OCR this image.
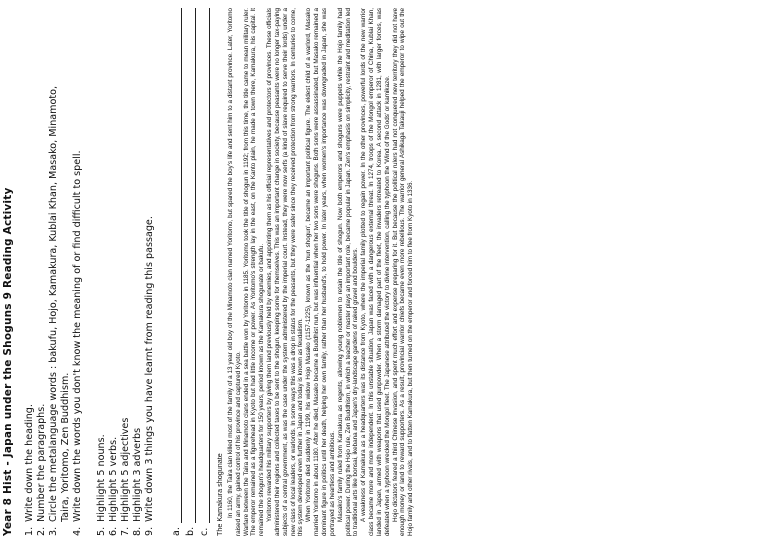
Year 8 Hist - Japan under the Shoguns 9 Reading Activity 1.
Write down the heading.
2.
Number the paragraphs.
3.
Circle the metalanguage words : bakufu, Hojo, Kamakura, Kublai Khan, Masako, Minamoto, Taira, Yoritomo, Zen Buddhism.
4.
Write down the words you don't know the meaning of or find difficult to spell.
5.
Highlight 5 nouns.
6.
Highlight 5 verbs.
7.
Highlight 5 adjectives
8.
Highlight 3 adverbs
9.
Write down 3 things you have learnt from reading this passage.
a. b. c. The Kamakura shogunate In 1160, the Taira clan killed most of the family of a 13 year old boy of the Minamoto clan named Yoritomo, but spared the boy's life and sent him to a distant province. Later, Yoritomo raised an army, gained control of his province and captured Kyoto. Warfare between the Taira and Minamoto clans ended in a sea battle won by Yoritomo in 1185. Yoritomo took the title of shogun in 1192; from this time, the title came to mean military ruler. The emperor remained as a figurehead in Kyoto but had little income or power. As Yoritomo's strength lay in the east, on the Kanto plain, he made a town there, Kamakura, his capital. It remained the shogun's headquarters for 150 years, period known as the Kamakura shogunate or bakufu. Yoritomo rewarded his military supporters by giving them land previously held by enemies, and appointing them as his official representatives and protectors of provinces. These officials administered their regions and collected taxes to be sent to the shogun, keeping some for themselves. This was an important change in society, because peasants were no longer tax-paying subjects of a central government, as was the case under the system administered by the imperial court. Instead, they were now serfs (a kind of slave required to serve their lords) under a new class of local leaders, or warlords. In some ways this was a drop in status for the peasants, but they were safer since they received protection from strong warriors. In centuries to come, this system developed even further in Japan and today is known as feudalism. When Yoritomo died suddenly in 1199, his widow Hojo Masako (1157-1225), known as the 'nun shogun', became an important political figure. The eldest child of a warlord, Masako married Yoritomo in about 1180. After he died, Masako became a Buddhist nun, but was influential when her two sons were shoguns. Both sons were assassinated, but Masako remained a dominant figure in politics until her death, helping her own family, rather than her husband's, to hold power. In later years, when women's importance was downgraded in Japan, she was portrayed as heartless and ambitious. Masako's family ruled from Kamakura as regents, allowing young noblemen to retain the title of shogun. Now both emperors and shoguns were puppets while the Hojo family had political power. During the Hojo rule, Zen Buddhism, in which a teacher or master plays an important role, became popular in Japan. Zen's emphasis on simplicity, restraint and meditation led to traditional arts like bonsai, ikebana and Japan's dry-landscape gardens of raked gravel and boulders. A weakness of Kamakura as a headquarters was its distance from Kyoto, where the imperial family plotted to regain power. In the other provinces, powerful lords of the new warrior class became more and more independent. In this unstable situation, Japan was faced with a dangerous external threat. In 1274, troops of the Mongol emperor of China, Kublai Khan, landed in Japan, armed with weapons that used gunpowder. When a storm damaged part of the fleet, the invaders retreated to Korea. A second attack in 1281, with larger forces, was defeated when a typhoon wrecked the Mongol fleet. The Japanese attributed the victory to divine intervention, calling the typhoon the 'Wind of the Gods' or kamikaze. Hojo dictators feared a third Chinese invasion, and spent much effort and expense preparing for it. But because the political rulers had not conquered new territory they did not have enough money or land to reward supporters. As a result, provincial warrior chiefs became even more rebellious. The warrior general Ashikaga Takauji helped the emperor to wipe out the Hojo family and other rivals, and to flatten Kamakura, but then turned on the emperor and forced him to flee from Kyoto in 1336.
